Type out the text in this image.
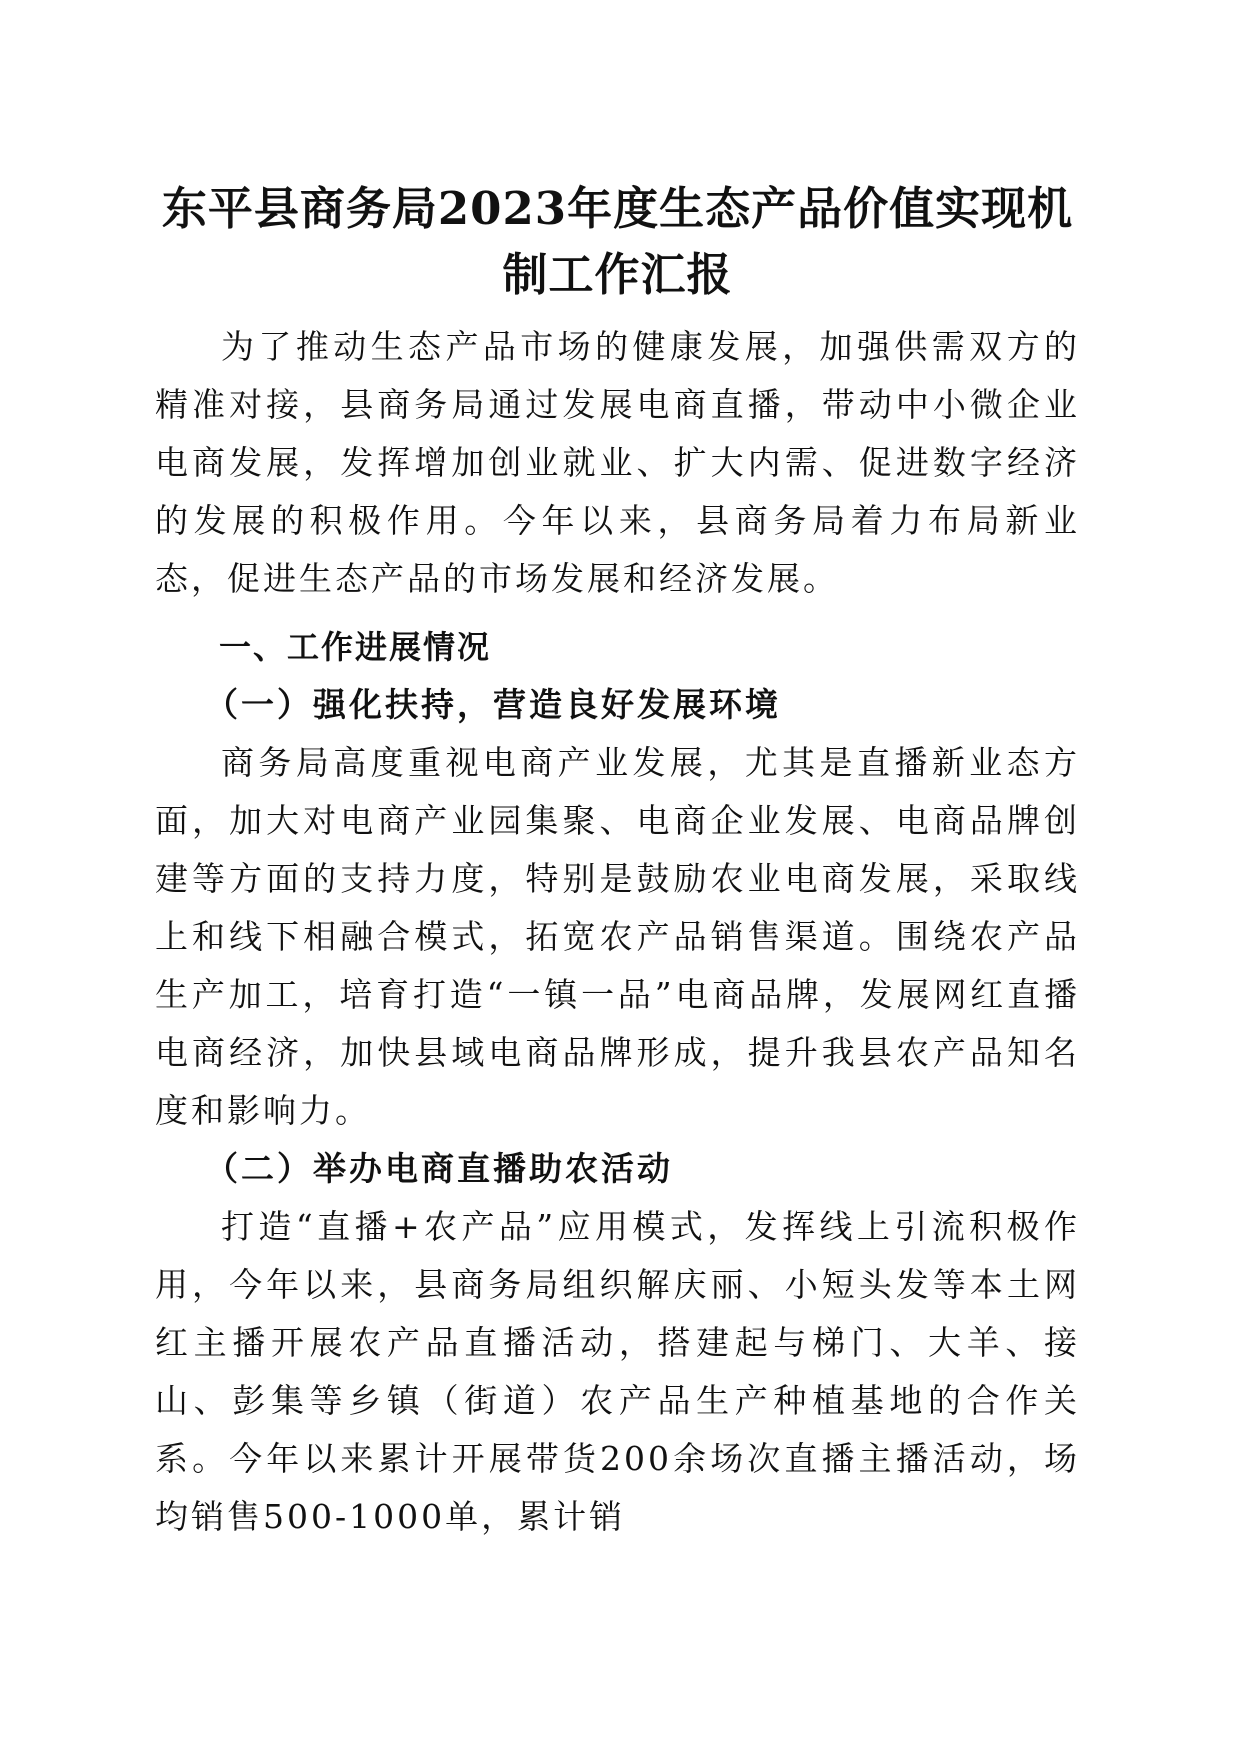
东平县商务局2023年度生态产品价值实现机
制工作汇报

为了推动生态产品市场的健康发展，加强供需双方的精准对接，县商务局通过发展电商直播，带动中小微企业电商发展，发挥增加创业就业、扩大内需、促进数字经济的发展的积极作用。今年以来，县商务局着力布局新业态，促进生态产品的市场发展和经济发展。

一、工作进展情况
（一）强化扶持，营造良好发展环境

商务局高度重视电商产业发展，尤其是直播新业态方面，加大对电商产业园集聚、电商企业发展、电商品牌创建等方面的支持力度，特别是鼓励农业电商发展，采取线上和线下相融合模式，拓宽农产品销售渠道。围绕农产品生产加工，培育打造“一镇一品”电商品牌，发展网红直播电商经济，加快县域电商品牌形成，提升我县农产品知名度和影响力。

（二）举办电商直播助农活动

打造“直播+农产品”应用模式，发挥线上引流积极作用，今年以来，县商务局组织解庆丽、小短头发等本土网红主播开展农产品直播活动，搭建起与梯门、大羊、接山、彭集等乡镇（街道）农产品生产种植基地的合作关系。今年以来累计开展带货200余场次直播主播活动，场均销售500-1000单，累计销
